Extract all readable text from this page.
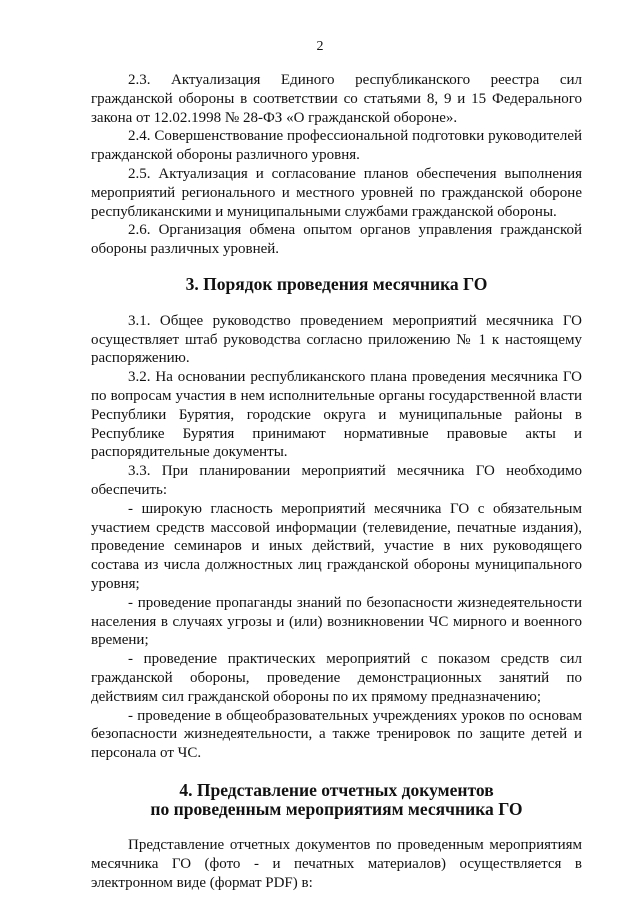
2

2.3. Актуализация Единого республиканского реестра сил гражданской обороны в соответствии со статьями 8, 9 и 15 Федерального закона от 12.02.1998 № 28-ФЗ «О гражданской обороне».

2.4. Совершенствование профессиональной подготовки руководителей гражданской обороны различного уровня.

2.5. Актуализация и согласование планов обеспечения выполнения мероприятий регионального и местного уровней по гражданской обороне республиканскими и муниципальными службами гражданской обороны.

2.6. Организация обмена опытом органов управления гражданской обороны различных уровней.

3. Порядок проведения месячника ГО

3.1. Общее руководство проведением мероприятий месячника ГО осуществляет штаб руководства согласно приложению № 1 к настоящему распоряжению.

3.2. На основании республиканского плана проведения месячника ГО по вопросам участия в нем исполнительные органы государственной власти Республики Бурятия, городские округа и муниципальные районы в Республике Бурятия принимают нормативные правовые акты и распорядительные документы.

3.3. При планировании мероприятий месячника ГО необходимо обеспечить:

- широкую гласность мероприятий месячника ГО с обязательным участием средств массовой информации (телевидение, печатные издания), проведение семинаров и иных действий, участие в них руководящего состава из числа должностных лиц гражданской обороны муниципального уровня;

- проведение пропаганды знаний по безопасности жизнедеятельности населения в случаях угрозы и (или) возникновении ЧС мирного и военного времени;

- проведение практических мероприятий с показом средств сил гражданской обороны, проведение демонстрационных занятий по действиям сил гражданской обороны по их прямому предназначению;

- проведение в общеобразовательных учреждениях уроков по основам безопасности жизнедеятельности, а также тренировок по защите детей и персонала от ЧС.

4. Представление отчетных документов
по проведенным мероприятиям месячника ГО

Представление отчетных документов по проведенным мероприятиям месячника ГО (фото - и печатных материалов) осуществляется в электронном виде (формат PDF) в:
